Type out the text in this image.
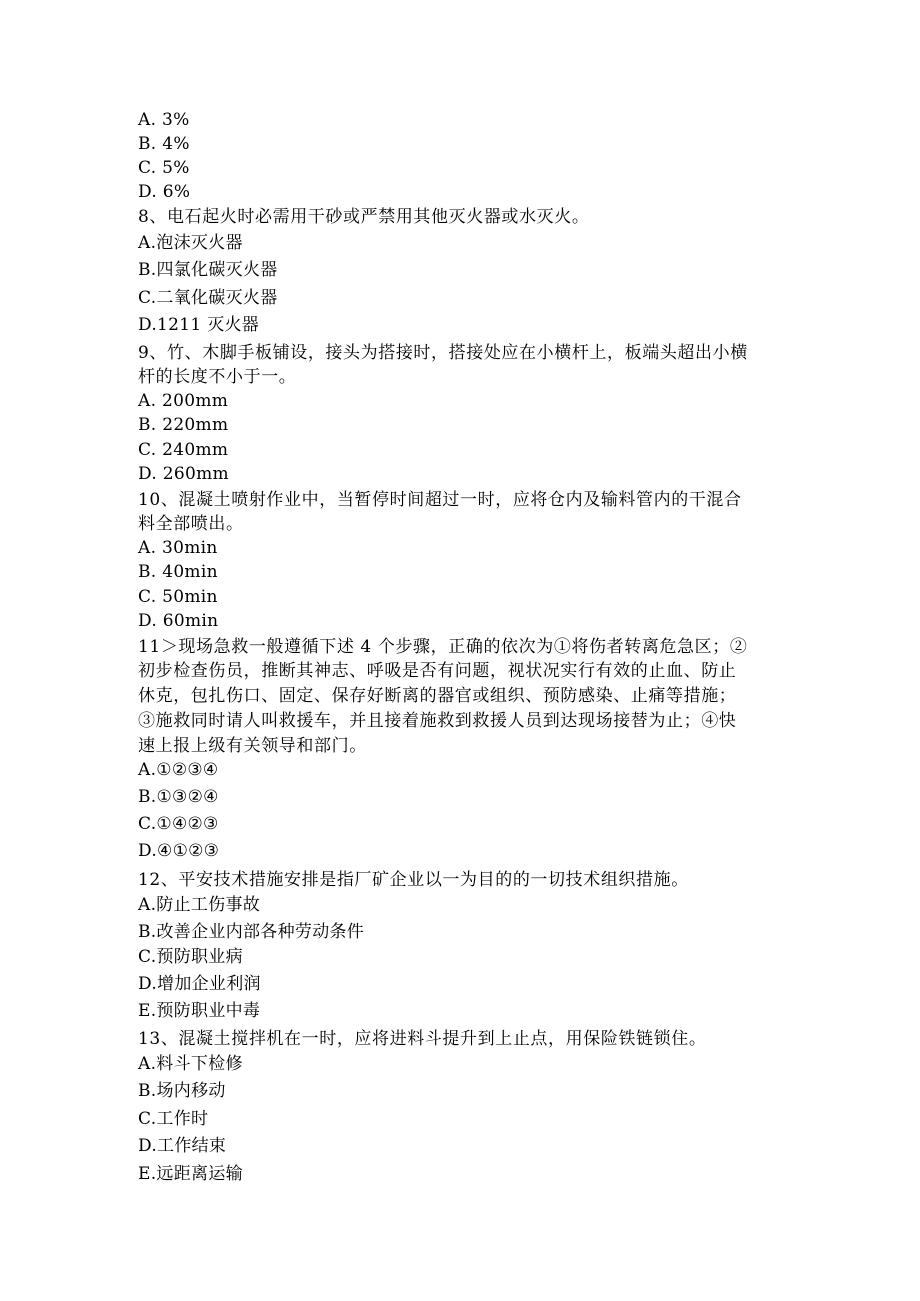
A. 3%
B. 4%
C. 5%
D. 6%
8、电石起火时必需用干砂或严禁用其他灭火器或水灭火。
A.泡沫灭火器
B.四氯化碳灭火器
C.二氧化碳灭火器
D.1211 灭火器
9、竹、木脚手板铺设，接头为搭接时，搭接处应在小横杆上，板端头超出小横
杆的长度不小于一。
A. 200mm
B. 220mm
C. 240mm
D. 260mm
10、混凝土喷射作业中，当暂停时间超过一时，应将仓内及输料管内的干混合
料全部喷出。
A. 30min
B. 40min
C. 50min
D. 60min
11＞现场急救一般遵循下述 4 个步骤，正确的依次为①将伤者转离危急区；②
初步检查伤员，推断其神志、呼吸是否有问题，视状况实行有效的止血、防止
休克，包扎伤口、固定、保存好断离的器官或组织、预防感染、止痛等措施；
③施救同时请人叫救援车，并且接着施救到救援人员到达现场接替为止；④快
速上报上级有关领导和部门。
A.①②③④
B.①③②④
C.①④②③
D.④①②③
12、平安技术措施安排是指厂矿企业以一为目的的一切技术组织措施。
A.防止工伤事故
B.改善企业内部各种劳动条件
C.预防职业病
D.增加企业利润
E.预防职业中毒
13、混凝土搅拌机在一时，应将进料斗提升到上止点，用保险铁链锁住。
A.料斗下检修
B.场内移动
C.工作时
D.工作结束
E.远距离运输
